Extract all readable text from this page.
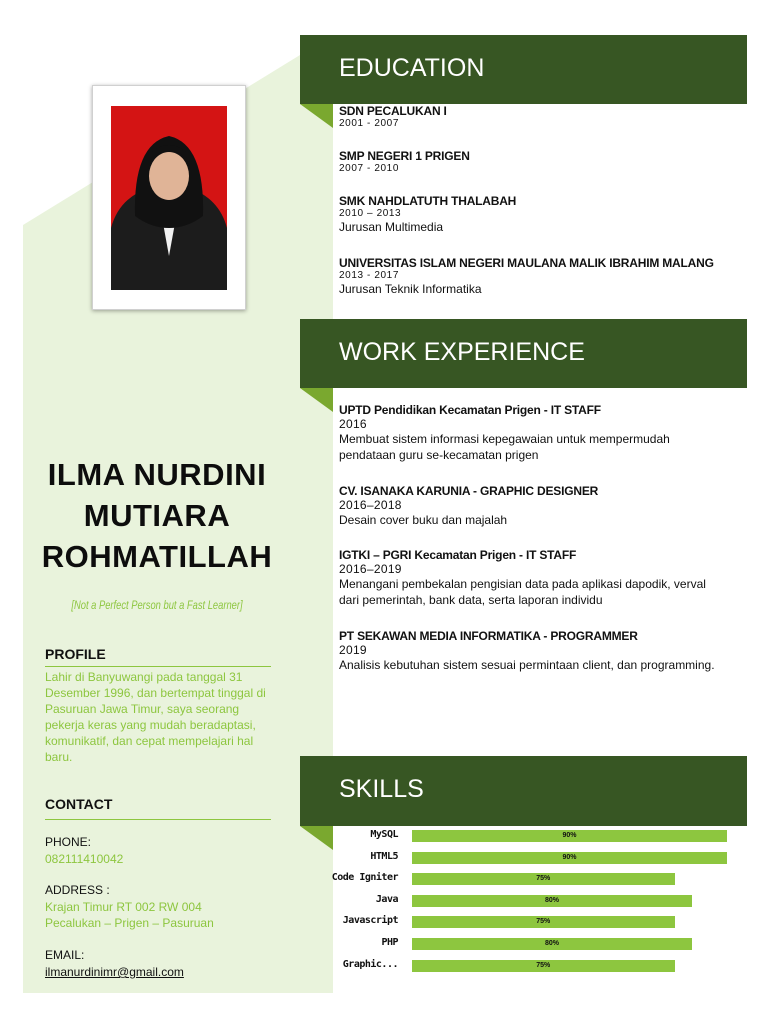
ILMA NURDINI
MUTIARA
ROHMATILLAH
[Not a Perfect Person but a Fast Learner]
PROFILE

Lahir di Banyuwangi pada tanggal 31 Desember 1996, dan bertempat tinggal di Pasuruan Jawa Timur, saya seorang pekerja keras yang mudah beradaptasi, komunikatif, dan cepat mempelajari hal baru.

CONTACT
PHONE:
082111410042
ADDRESS :
Krajan Timur RT 002 RW 004
Pecalukan – Prigen – Pasuruan
EMAIL:
ilmanurdinimr@gmail.com
EDUCATION
SDN PECALUKAN I
2001 - 2007
SMP NEGERI 1 PRIGEN
2007 - 2010
SMK NAHDLATUTH THALABAH
2010 – 2013
Jurusan Multimedia
UNIVERSITAS ISLAM NEGERI MAULANA MALIK IBRAHIM MALANG
2013 - 2017
Jurusan Teknik Informatika
WORK EXPERIENCE
UPTD Pendidikan Kecamatan Prigen - IT STAFF
2016
Membuat sistem informasi kepegawaian untuk mempermudah pendataan guru se-kecamatan prigen
CV. ISANAKA KARUNIA - GRAPHIC DESIGNER
2016–2018
Desain cover buku dan majalah
IGTKI – PGRI Kecamatan Prigen - IT STAFF
2016–2019
Menangani pembekalan pengisian data pada aplikasi dapodik, verval dari pemerintah, bank data, serta laporan individu
PT SEKAWAN MEDIA INFORMATIKA - PROGRAMMER
2019
Analisis kebutuhan sistem sesuai permintaan client, dan programming.
SKILLS
MySQL	90%
HTML5	90%
Code Igniter	75%
Java	80%
Javascript	75%
PHP	80%
Graphic...	75%
